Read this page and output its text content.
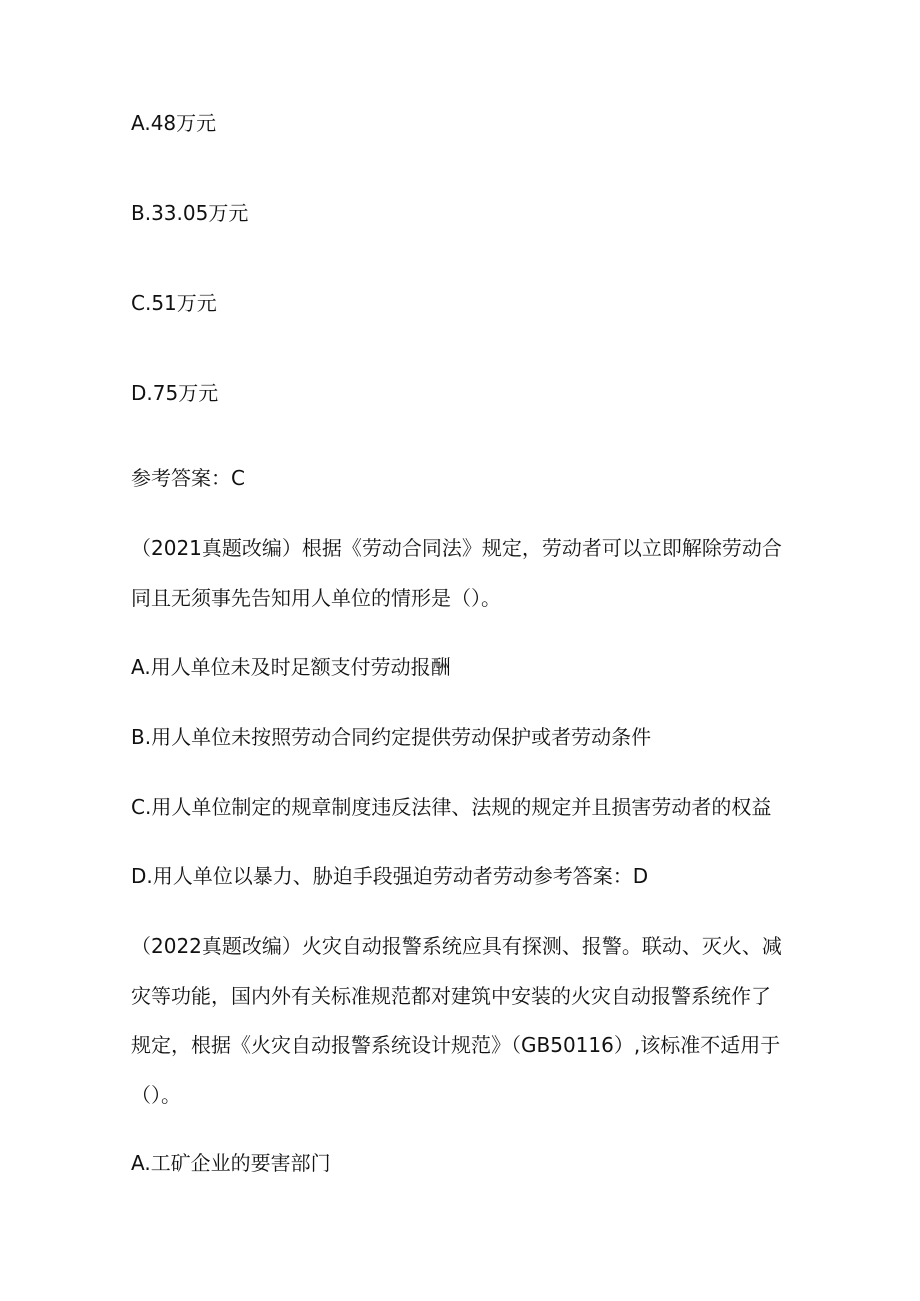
A.48万元
B.33.05万元
C.51万元
D.75万元
参考答案：C
（2021真题改编）根据《劳动合同法》规定，劳动者可以立即解除劳动合
同且无须事先告知用人单位的情形是（）。
A.用人单位未及时足额支付劳动报酬
B.用人单位未按照劳动合同约定提供劳动保护或者劳动条件
C.用人单位制定的规章制度违反法律、法规的规定并且损害劳动者的权益
D.用人单位以暴力、胁迫手段强迫劳动者劳动参考答案：D
（2022真题改编）火灾自动报警系统应具有探测、报警。联动、灭火、减
灾等功能，国内外有关标准规范都对建筑中安装的火灾自动报警系统作了
规定，根据《火灾自动报警系统设计规范》（GB50116）,该标准不适用于
（）。
A.工矿企业的要害部门
